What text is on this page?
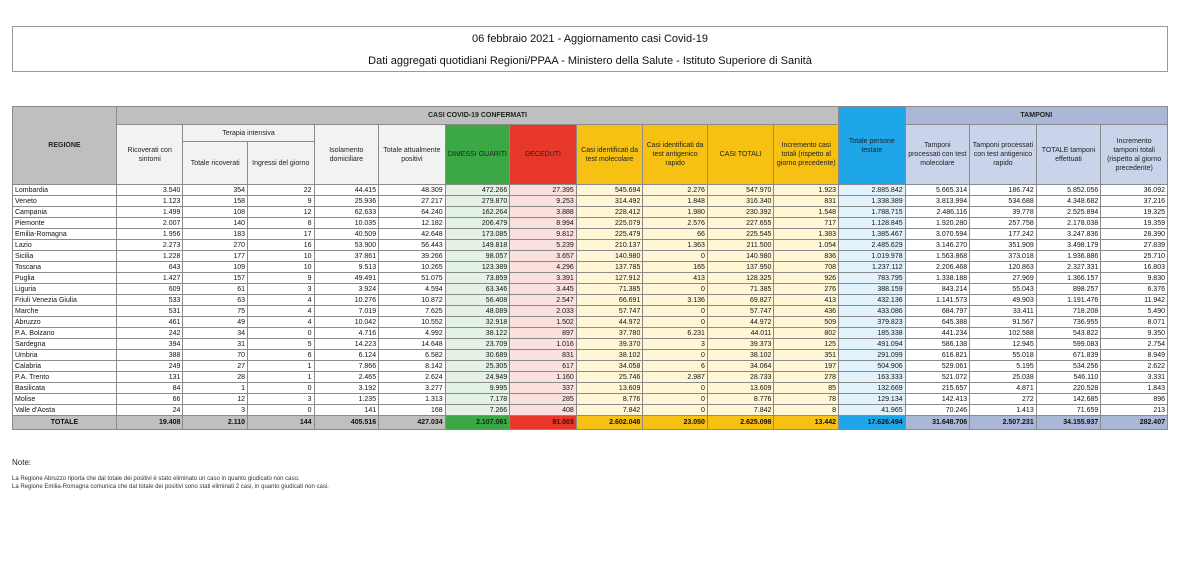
06 febbraio 2021 - Aggiornamento casi Covid-19
Dati aggregati quotidiani Regioni/PPAA - Ministero della Salute - Istituto Superiore di Sanità
REGIONE	CASI COVID-19 CONFERMATI											Totale persone testate	TAMPONI			
	Ricoverati con sintomi	Terapia intensiva		Isolamento domiciliare	Totale attualmente positivi	DIMESSI GUARITI	DECEDUTI	Casi identificati da test molecolare	Casi identificati da test antigenico rapido	CASI TOTALI	Incremento casi totali (rispetto al giorno precedente)		Tamponi processati con test molecolare	Tamponi processati con test antigenico rapido	TOTALE tamponi effettuati	Incremento tamponi totali (rispetto al giorno precedente)
		Totale ricoverati	Ingressi del giorno													
Lombardia	3.540	354	22	44.415	48.309	472.266	27.395	545.694	2.276	547.970	1.923	2.885.842	5.665.314	186.742	5.852.056	36.092
Veneto	1.123	158	9	25.936	27.217	279.870	9.253	314.492	1.848	316.340	831	1.338.389	3.813.994	534.688	4.348.682	37.216
Campania	1.499	108	12	62.633	64.240	162.264	3.888	228.412	1.980	230.392	1.548	1.788.715	2.486.116	39.778	2.525.894	19.325
Piemonte	2.007	140	8	10.035	12.182	206.479	8.994	225.079	2.576	227.655	717	1.128.845	1.920.280	257.758	2.178.038	19.359
Emilia-Romagna	1.956	183	17	40.509	42.648	173.085	9.812	225.479	66	225.545	1.383	1.385.467	3.070.594	177.242	3.247.836	28.390
Lazio	2.273	270	16	53.900	56.443	149.818	5.239	210.137	1.363	211.500	1.054	2.485.629	3.146.270	351.909	3.498.179	27.839
Sicilia	1.228	177	10	37.861	39.266	98.057	3.657	140.980	0	140.980	836	1.019.978	1.563.868	373.018	1.936.886	25.710
Toscana	643	109	10	9.513	10.265	123.389	4.296	137.785	165	137.950	708	1.237.112	2.206.468	120.863	2.327.331	16.803
Puglia	1.427	157	9	49.491	51.075	73.859	3.391	127.912	413	128.325	926	783.795	1.338.188	27.969	1.366.157	9.830
Liguria	609	61	3	3.924	4.594	63.346	3.445	71.385	0	71.385	276	388.159	843.214	55.043	898.257	6.376
Friuli Venezia Giulia	533	63	4	10.276	10.872	56.408	2.547	66.691	3.136	69.827	413	432.136	1.141.573	49.903	1.191.476	11.942
Marche	531	75	4	7.019	7.625	48.089	2.033	57.747	0	57.747	436	433.086	684.797	33.411	718.208	5.490
Abruzzo	461	49	4	10.042	10.552	32.918	1.502	44.972	0	44.972	509	379.823	645.388	91.567	736.955	8.071
P.A. Bolzano	242	34	0	4.716	4.992	38.122	897	37.780	6.231	44.011	802	185.338	441.234	102.588	543.822	9.350
Sardegna	394	31	5	14.223	14.648	23.709	1.016	39.370	3	39.373	125	491.094	586.138	12.945	599.083	2.754
Umbria	388	70	6	6.124	6.582	30.689	831	38.102	0	38.102	351	291.099	616.821	55.018	671.839	8.949
Calabria	249	27	1	7.866	8.142	25.305	617	34.058	6	34.064	197	504.906	529.061	5.195	534.256	2.622
P.A. Trento	131	28	1	2.465	2.624	24.949	1.160	25.746	2.987	28.733	278	163.333	521.072	25.038	546.110	3.331
Basilicata	84	1	0	3.192	3.277	9.995	337	13.609	0	13.609	85	132.669	215.657	4.871	220.528	1.843
Molise	66	12	3	1.235	1.313	7.178	285	8.776	0	8.776	78	129.134	142.413	272	142.685	896
Valle d'Aosta	24	3	0	141	168	7.266	408	7.842	0	7.842	8	41.965	70.246	1.413	71.659	213
TOTALE	19.408	2.110	144	405.516	427.034	2.107.061	91.003	2.602.048	23.050	2.625.098	13.442	17.626.494	31.648.706	2.507.231	34.155.937	282.407
Note:
La Regione Abruzzo riporta che dal totale dei positivi è stato eliminato un caso in quanto giudicato non caso.
La Regione Emilia-Romagna comunica che dal totale dei positivi sono stati eliminati 2 casi, in quanto giudicati non casi.
